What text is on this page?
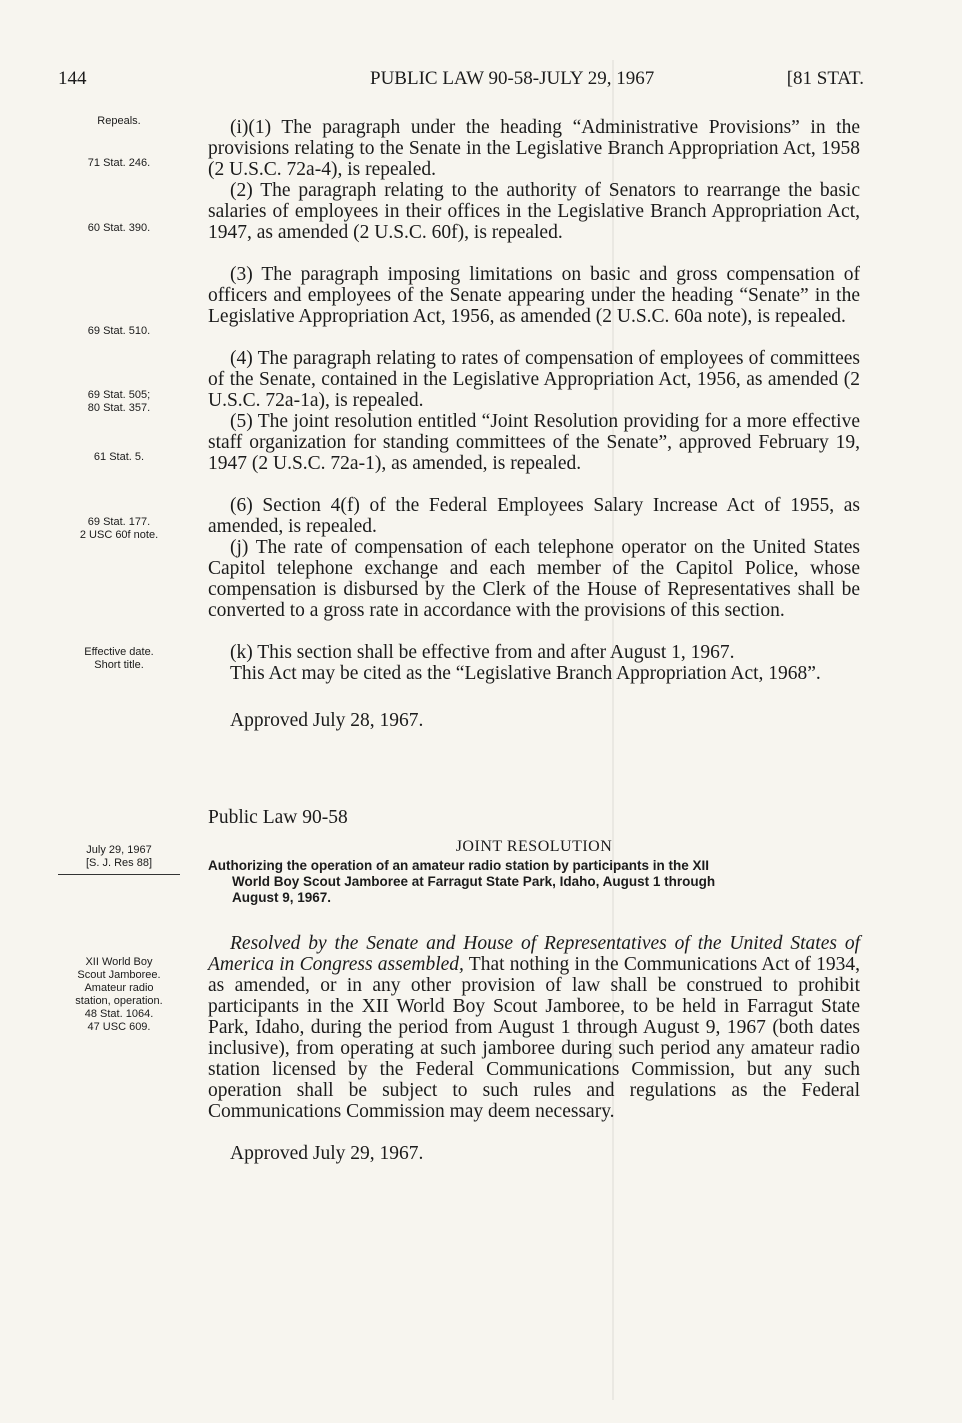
144	PUBLIC LAW 90-58-JULY 29, 1967	[81 STAT.
Repeals.
71 Stat. 246.
60 Stat. 390.
69 Stat. 510.
69 Stat. 505;
80 Stat. 357.
61 Stat. 5.
69 Stat. 177.
2 USC 60f note.
Effective date.
Short title.
July 29, 1967
[S. J. Res 88]
XII World Boy
Scout Jamboree.
Amateur radio
station, operation.
48 Stat. 1064.
47 USC 609.

(i)(1) The paragraph under the heading “Administrative Provisions” in the provisions relating to the Senate in the Legislative Branch Appropriation Act, 1958 (2 U.S.C. 72a-4), is repealed.

(2) The paragraph relating to the authority of Senators to rearrange the basic salaries of employees in their offices in the Legislative Branch Appropriation Act, 1947, as amended (2 U.S.C. 60f), is repealed.

(3) The paragraph imposing limitations on basic and gross compensation of officers and employees of the Senate appearing under the heading “Senate” in the Legislative Appropriation Act, 1956, as amended (2 U.S.C. 60a note), is repealed.

(4) The paragraph relating to rates of compensation of employees of committees of the Senate, contained in the Legislative Appropriation Act, 1956, as amended (2 U.S.C. 72a-1a), is repealed.

(5) The joint resolution entitled “Joint Resolution providing for a more effective staff organization for standing committees of the Senate”, approved February 19, 1947 (2 U.S.C. 72a-1), as amended, is repealed.

(6) Section 4(f) of the Federal Employees Salary Increase Act of 1955, as amended, is repealed.

(j) The rate of compensation of each telephone operator on the United States Capitol telephone exchange and each member of the Capitol Police, whose compensation is disbursed by the Clerk of the House of Representatives shall be converted to a gross rate in accordance with the provisions of this section.

(k) This section shall be effective from and after August 1, 1967.

This Act may be cited as the “Legislative Branch Appropriation Act, 1968”.

Approved July 28, 1967.
Public Law 90-58
JOINT RESOLUTION
Authorizing the operation of an amateur radio station by participants in the XII
World Boy Scout Jamboree at Farragut State Park, Idaho, August 1 through
August 9, 1967.

Resolved by the Senate and House of Representatives of the United States of America in Congress assembled, That nothing in the Communications Act of 1934, as amended, or in any other provision of law shall be construed to prohibit participants in the XII World Boy Scout Jamboree, to be held in Farragut State Park, Idaho, during the period from August 1 through August 9, 1967 (both dates inclusive), from operating at such jamboree during such period any amateur radio station licensed by the Federal Communications Commission, but any such operation shall be subject to such rules and regulations as the Federal Communications Commission may deem necessary.

Approved July 29, 1967.
